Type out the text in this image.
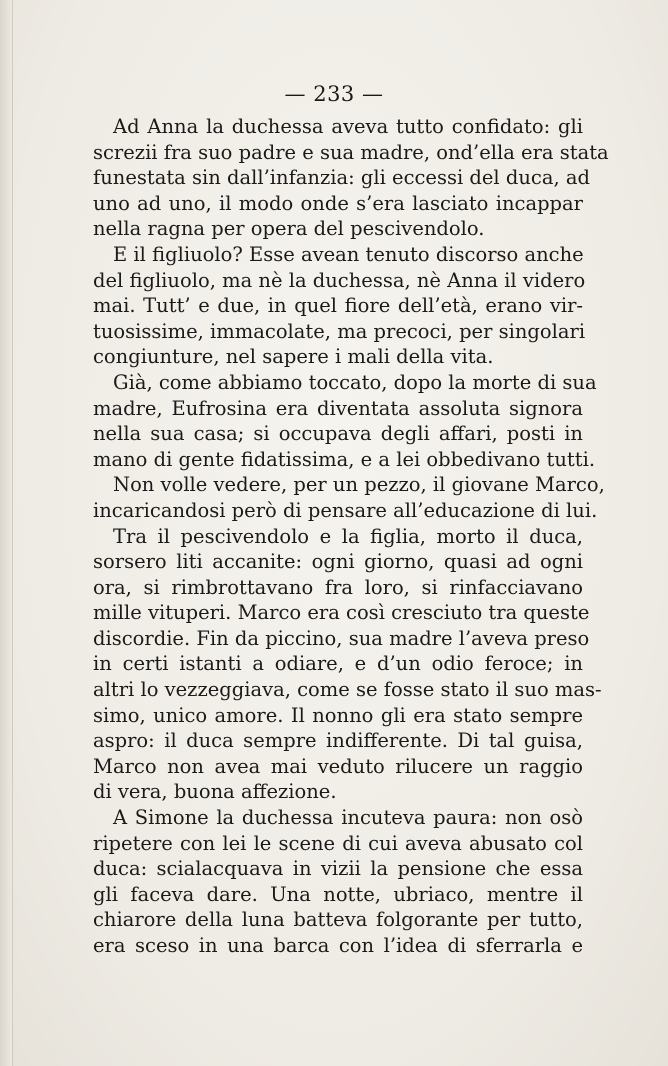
— 233 —
Ad Anna la duchessa aveva tutto confidato: gli
screzii fra suo padre e sua madre, ond’ella era stata
funestata sin dall’infanzia: gli eccessi del duca, ad
uno ad uno, il modo onde s’era lasciato incappar
nella ragna per opera del pescivendolo.
E il figliuolo? Esse avean tenuto discorso anche
del figliuolo, ma nè la duchessa, nè Anna il videro
mai. Tutt’ e due, in quel fiore dell’età, erano vir-
tuosissime, immacolate, ma precoci, per singolari
congiunture, nel sapere i mali della vita.
Già, come abbiamo toccato, dopo la morte di sua
madre, Eufrosina era diventata assoluta signora
nella sua casa; si occupava degli affari, posti in
mano di gente fidatissima, e a lei obbedivano tutti.
Non volle vedere, per un pezzo, il giovane Marco,
incaricandosi però di pensare all’educazione di lui.
Tra il pescivendolo e la figlia, morto il duca,
sorsero liti accanite: ogni giorno, quasi ad ogni
ora, si rimbrottavano fra loro, si rinfacciavano
mille vituperi. Marco era così cresciuto tra queste
discordie. Fin da piccino, sua madre l’aveva preso
in certi istanti a odiare, e d’un odio feroce; in
altri lo vezzeggiava, come se fosse stato il suo mas-
simo, unico amore. Il nonno gli era stato sempre
aspro: il duca sempre indifferente. Di tal guisa,
Marco non avea mai veduto rilucere un raggio
di vera, buona affezione.
A Simone la duchessa incuteva paura: non osò
ripetere con lei le scene di cui aveva abusato col
duca: scialacquava in vizii la pensione che essa
gli faceva dare. Una notte, ubriaco, mentre il
chiarore della luna batteva folgorante per tutto,
era sceso in una barca con l’idea di sferrarla e
